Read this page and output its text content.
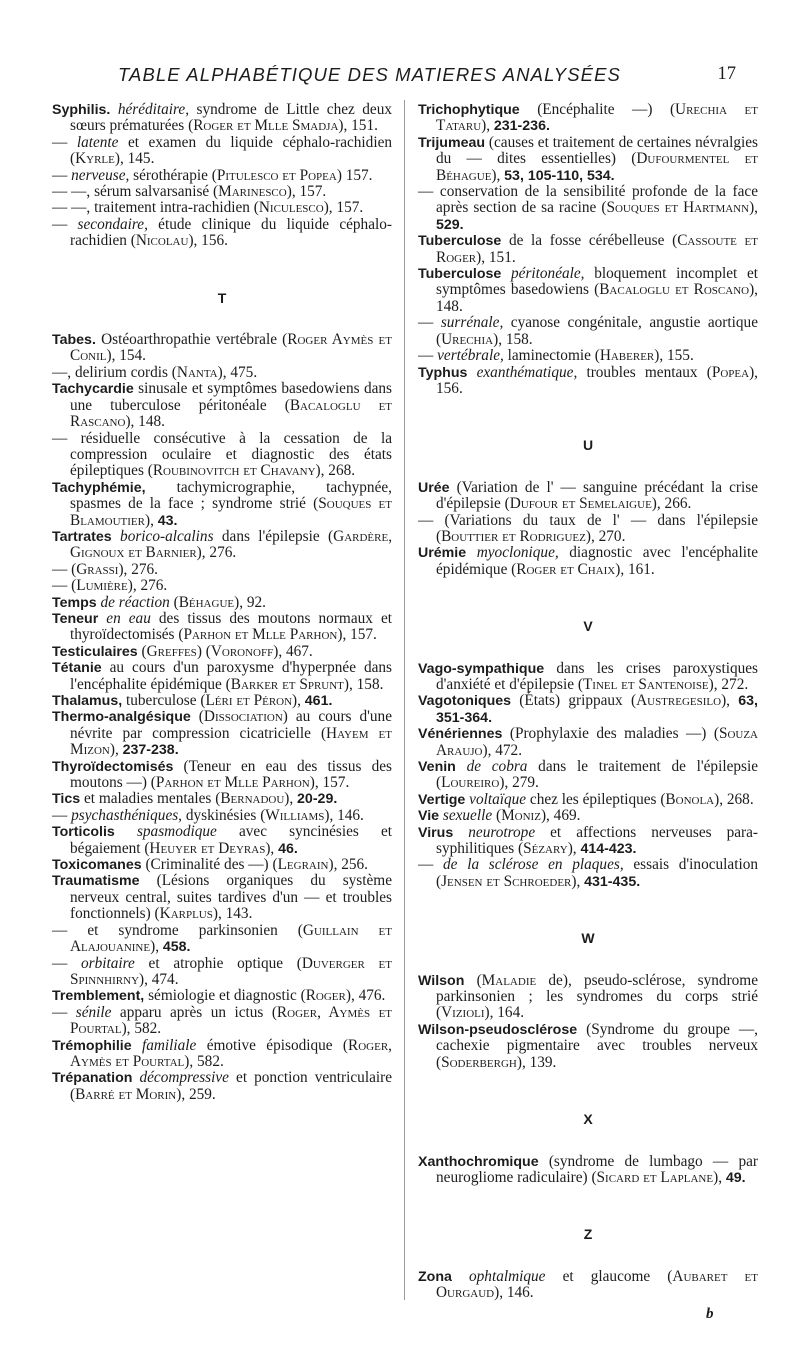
TABLE ALPHABÉTIQUE DES MATIERES ANALYSÉES	17

Syphilis. héréditaire, syndrome de Little chez deux sœurs prématurées (Roger et Mlle Smadja), 151.

— latente et examen du liquide céphalo-rachidien (Kyrle), 145.

— nerveuse, sérothérapie (Pitulesco et Popea) 157.

— —, sérum salvarsanisé (Marinesco), 157.

— —, traitement intra-rachidien (Niculesco), 157.

— secondaire, étude clinique du liquide céphalo-rachidien (Nicolau), 156.

T

Tabes. Ostéoarthropathie vertébrale (Roger Aymès et Conil), 154.

—, delirium cordis (Nanta), 475.

Tachycardie sinusale et symptômes basedowiens dans une tuberculose péritonéale (Bacaloglu et Rascano), 148.

— résiduelle consécutive à la cessation de la compression oculaire et diagnostic des états épileptiques (Roubinovitch et Chavany), 268.

Tachyphémie, tachymicrographie, tachypnée, spasmes de la face ; syndrome strié (Souques et Blamoutier), 43.

Tartrates borico-alcalins dans l'épilepsie (Gardère, Gignoux et Barnier), 276.

— (Grassi), 276.

— (Lumière), 276.

Temps de réaction (Béhague), 92.

Teneur en eau des tissus des moutons normaux et thyroïdectomisés (Parhon et Mlle Parhon), 157.

Testiculaires (Greffes) (Voronoff), 467.

Tétanie au cours d'un paroxysme d'hyperpnée dans l'encéphalite épidémique (Barker et Sprunt), 158.

Thalamus, tuberculose (Léri et Péron), 461.

Thermo-analgésique (Dissociation) au cours d'une névrite par compression cicatricielle (Hayem et Mizon), 237-238.

Thyroïdectomisés (Teneur en eau des tissus des moutons —) (Parhon et Mlle Parhon), 157.

Tics et maladies mentales (Bernadou), 20-29.

— psychasthéniques, dyskinésies (Williams), 146.

Torticolis spasmodique avec syncinésies et bégaiement (Heuyer et Deyras), 46.

Toxicomanes (Criminalité des —) (Legrain), 256.

Traumatisme (Lésions organiques du système nerveux central, suites tardives d'un — et troubles fonctionnels) (Karplus), 143.

— et syndrome parkinsonien (Guillain et Alajouanine), 458.

— orbitaire et atrophie optique (Duverger et Spinnhirny), 474.

Tremblement, sémiologie et diagnostic (Roger), 476.

— sénile apparu après un ictus (Roger, Aymès et Pourtal), 582.

Trémophilie familiale émotive épisodique (Roger, Aymès et Pourtal), 582.

Trépanation décompressive et ponction ventriculaire (Barré et Morin), 259.

Trichophytique (Encéphalite —) (Urechia et Tataru), 231-236.

Trijumeau (causes et traitement de certaines névralgies du — dites essentielles) (Dufourmentel et Béhague), 53, 105-110, 534.

— conservation de la sensibilité profonde de la face après section de sa racine (Souques et Hartmann), 529.

Tuberculose de la fosse cérébelleuse (Cassoute et Roger), 151.

Tuberculose péritonéale, bloquement incomplet et symptômes basedowiens (Bacaloglu et Roscano), 148.

— surrénale, cyanose congénitale, angustie aortique (Urechia), 158.

— vertébrale, laminectomie (Haberer), 155.

Typhus exanthématique, troubles mentaux (Popea), 156.

U

Urée (Variation de l' — sanguine précédant la crise d'épilepsie (Dufour et Semelaigue), 266.

— (Variations du taux de l' — dans l'épilepsie (Bouttier et Rodriguez), 270.

Urémie myoclonique, diagnostic avec l'encéphalite épidémique (Roger et Chaix), 161.

V

Vago-sympathique dans les crises paroxystiques d'anxiété et d'épilepsie (Tinel et Santenoise), 272.

Vagotoniques (États) grippaux (Austregesilo), 63, 351-364.

Vénériennes (Prophylaxie des maladies —) (Souza Araujo), 472.

Venin de cobra dans le traitement de l'épilepsie (Loureiro), 279.

Vertige voltaïque chez les épileptiques (Bonola), 268.

Vie sexuelle (Moniz), 469.

Virus neurotrope et affections nerveuses para-syphilitiques (Sézary), 414-423.

— de la sclérose en plaques, essais d'inoculation (Jensen et Schroeder), 431-435.

W

Wilson (Maladie de), pseudo-sclérose, syndrome parkinsonien ; les syndromes du corps strié (Vizioli), 164.

Wilson-pseudosclérose (Syndrome du groupe —, cachexie pigmentaire avec troubles nerveux (Soderbergh), 139.

X

Xanthochromique (syndrome de lumbago — par neurogliome radiculaire) (Sicard et Laplane), 49.

Z

Zona ophtalmique et glaucome (Aubaret et Ourgaud), 146.

b
